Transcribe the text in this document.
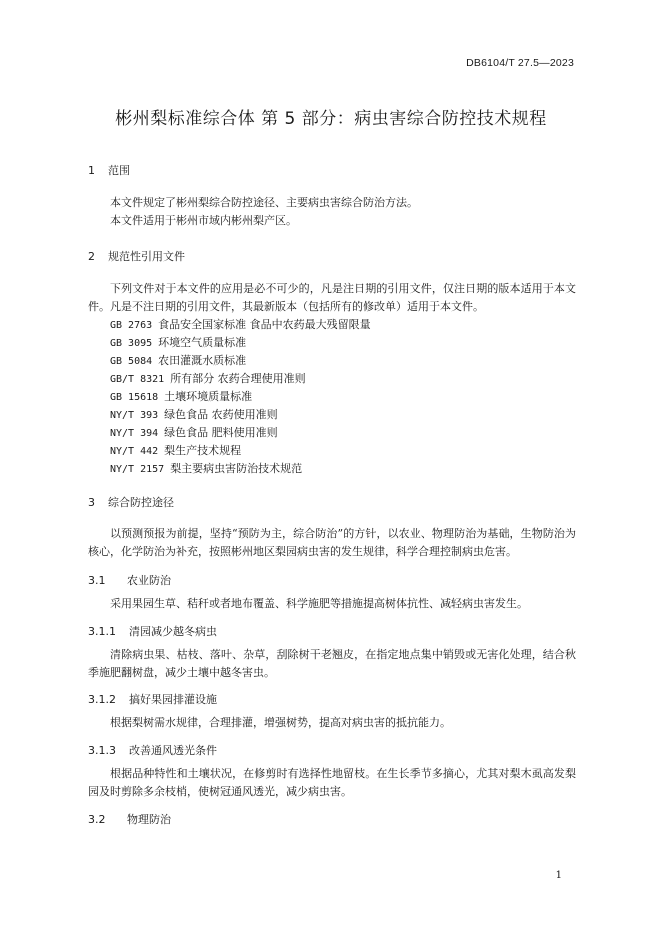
DB6104/T 27.5—2023
彬州梨标准综合体 第 5 部分：病虫害综合防控技术规程
1 范围
本文件规定了彬州梨综合防控途径、主要病虫害综合防治方法。
本文件适用于彬州市域内彬州梨产区。
2 规范性引用文件
下列文件对于本文件的应用是必不可少的，凡是注日期的引用文件，仅注日期的版本适用于本文件。凡是不注日期的引用文件，其最新版本（包括所有的修改单）适用于本文件。
GB 2763 食品安全国家标准 食品中农药最大残留限量
GB 3095 环境空气质量标准
GB 5084 农田灌溉水质标准
GB/T 8321 所有部分 农药合理使用准则
GB 15618 土壤环境质量标准
NY/T 393 绿色食品 农药使用准则
NY/T 394 绿色食品 肥料使用准则
NY/T 442 梨生产技术规程
NY/T 2157 梨主要病虫害防治技术规范
3 综合防控途径
以预测预报为前提，坚持“预防为主，综合防治”的方针，以农业、物理防治为基础，生物防治为核心，化学防治为补充，按照彬州地区梨园病虫害的发生规律，科学合理控制病虫危害。
3.1 农业防治
采用果园生草、秸秆或者地布覆盖、科学施肥等措施提高树体抗性、减轻病虫害发生。
3.1.1 清园减少越冬病虫
清除病虫果、枯枝、落叶、杂草，刮除树干老翘皮，在指定地点集中销毁或无害化处理，结合秋季施肥翻树盘，减少土壤中越冬害虫。
3.1.2 搞好果园排灌设施
根据梨树需水规律，合理排灌，增强树势，提高对病虫害的抵抗能力。
3.1.3 改善通风透光条件
根据品种特性和土壤状况，在修剪时有选择性地留枝。在生长季节多摘心，尤其对梨木虱高发梨园及时剪除多余枝梢，使树冠通风透光，减少病虫害。
3.2 物理防治
1
